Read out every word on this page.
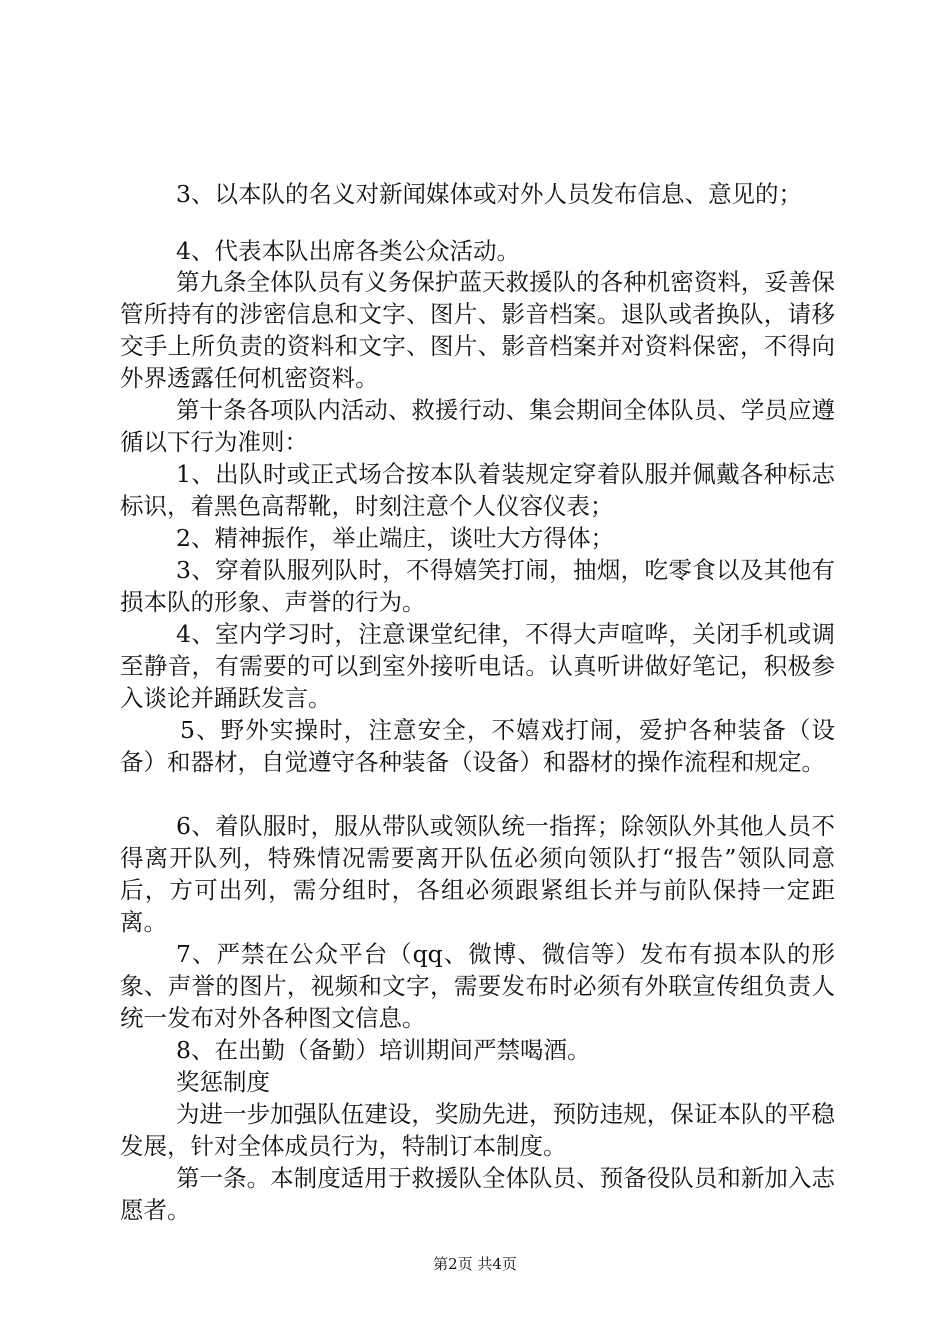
3、以本队的名义对新闻媒体或对外人员发布信息、意见的；

4、代表本队出席各类公众活动。

第九条全体队员有义务保护蓝天救援队的各种机密资料，妥善保管所持有的涉密信息和文字、图片、影音档案。退队或者换队，请移交手上所负责的资料和文字、图片、影音档案并对资料保密，不得向外界透露任何机密资料。

第十条各项队内活动、救援行动、集会期间全体队员、学员应遵循以下行为准则：

1、出队时或正式场合按本队着装规定穿着队服并佩戴各种标志标识，着黑色高帮靴，时刻注意个人仪容仪表；

2、精神振作，举止端庄，谈吐大方得体；

3、穿着队服列队时，不得嬉笑打闹，抽烟，吃零食以及其他有损本队的形象、声誉的行为。

4、室内学习时，注意课堂纪律，不得大声喧哗，关闭手机或调至静音，有需要的可以到室外接听电话。认真听讲做好笔记，积极参入谈论并踊跃发言。

5、野外实操时，注意安全，不嬉戏打闹，爱护各种装备（设备）和器材，自觉遵守各种装备（设备）和器材的操作流程和规定。

6、着队服时，服从带队或领队统一指挥；除领队外其他人员不得离开队列，特殊情况需要离开队伍必须向领队打“报告”领队同意后，方可出列，需分组时，各组必须跟紧组长并与前队保持一定距离。

7、严禁在公众平台（qq、微博、微信等）发布有损本队的形象、声誉的图片，视频和文字，需要发布时必须有外联宣传组负责人统一发布对外各种图文信息。

8、在出勤（备勤）培训期间严禁喝酒。

奖惩制度

为进一步加强队伍建设，奖励先进，预防违规，保证本队的平稳发展，针对全体成员行为，特制订本制度。

第一条。本制度适用于救援队全体队员、预备役队员和新加入志愿者。

第2页 共4页
